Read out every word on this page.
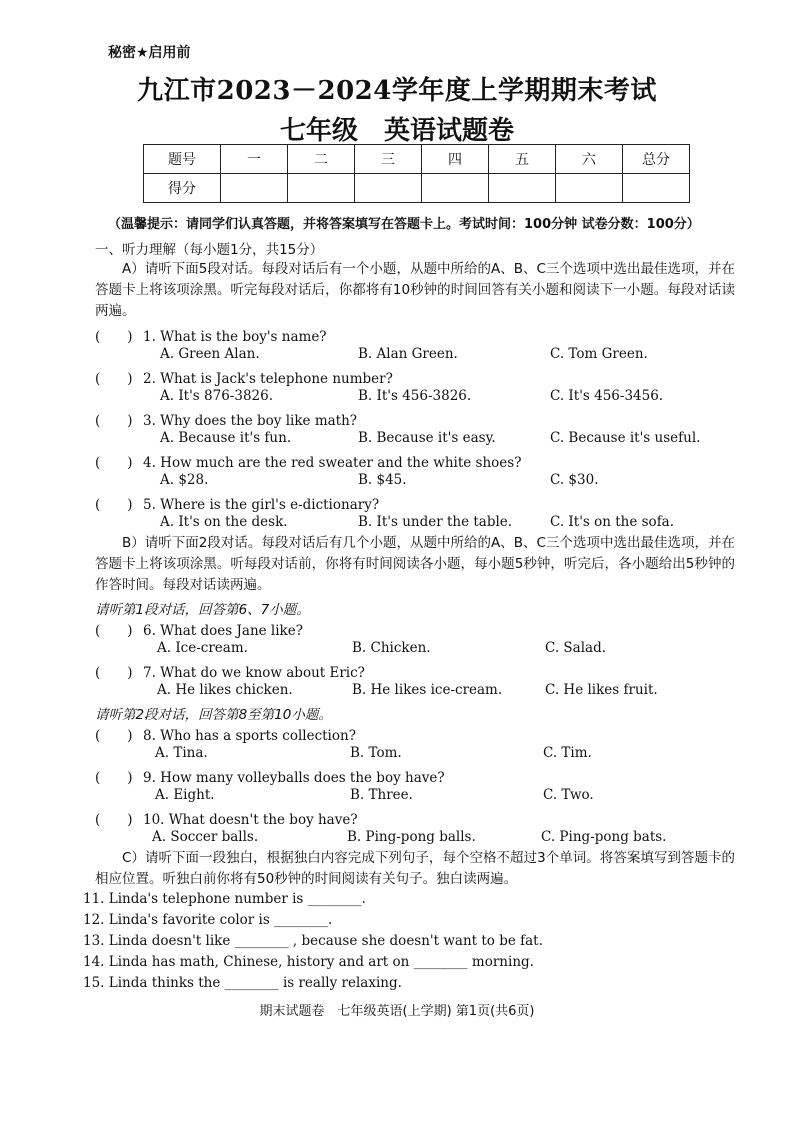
秘密★启用前
九江市2023－2024学年度上学期期末考试
七年级　英语试题卷
题号	一	二	三	四	五	六	总分
得分							
（温馨提示：请同学们认真答题，并将答案填写在答题卡上。考试时间：100分钟 试卷分数：100分）
一、听力理解（每小题1分，共15分）
A）请听下面5段对话。每段对话后有一个小题，从题中所给的A、B、C三个选项中选出最佳选项，并在答题卡上将该项涂黑。听完每段对话后，你都将有10秒钟的时间回答有关小题和阅读下一小题。每段对话读两遍。
(　　) 1. What is the boy's name?
A. Green Alan.	B. Alan Green.	C. Tom Green.
(　　) 2. What is Jack's telephone number?
A. It's 876-3826.	B. It's 456-3826.	C. It's 456-3456.
(　　) 3. Why does the boy like math?
A. Because it's fun.	B. Because it's easy.	C. Because it's useful.
(　　) 4. How much are the red sweater and the white shoes?
A. $28.	B. $45.	C. $30.
(　　) 5. Where is the girl's e-dictionary?
A. It's on the desk.	B. It's under the table.	C. It's on the sofa.
B）请听下面2段对话。每段对话后有几个小题，从题中所给的A、B、C三个选项中选出最佳选项，并在答题卡上将该项涂黑。听每段对话前，你将有时间阅读各小题，每小题5秒钟，听完后，各小题给出5秒钟的作答时间。每段对话读两遍。
请听第1段对话，回答第6、7小题。
(　　) 6. What does Jane like?
A. Ice-cream.	B. Chicken.	C. Salad.
(　　) 7. What do we know about Eric?
A. He likes chicken.	B. He likes ice-cream.	C. He likes fruit.
请听第2段对话，回答第8至第10小题。
(　　) 8. Who has a sports collection?
A. Tina.	B. Tom.	C. Tim.
(　　) 9. How many volleyballs does the boy have?
A. Eight.	B. Three.	C. Two.
(　　) 10. What doesn't the boy have?
A. Soccer balls.	B. Ping-pong balls.	C. Ping-pong bats.
C）请听下面一段独白，根据独白内容完成下列句子，每个空格不超过3个单词。将答案填写到答题卡的相应位置。听独白前你将有50秒钟的时间阅读有关句子。独白读两遍。
11. Linda's telephone number is ________.
12. Linda's favorite color is ________.
13. Linda doesn't like ________ , because she doesn't want to be fat.
14. Linda has math, Chinese, history and art on ________ morning.
15. Linda thinks the ________ is really relaxing.
期末试题卷　七年级英语(上学期) 第1页(共6页)
